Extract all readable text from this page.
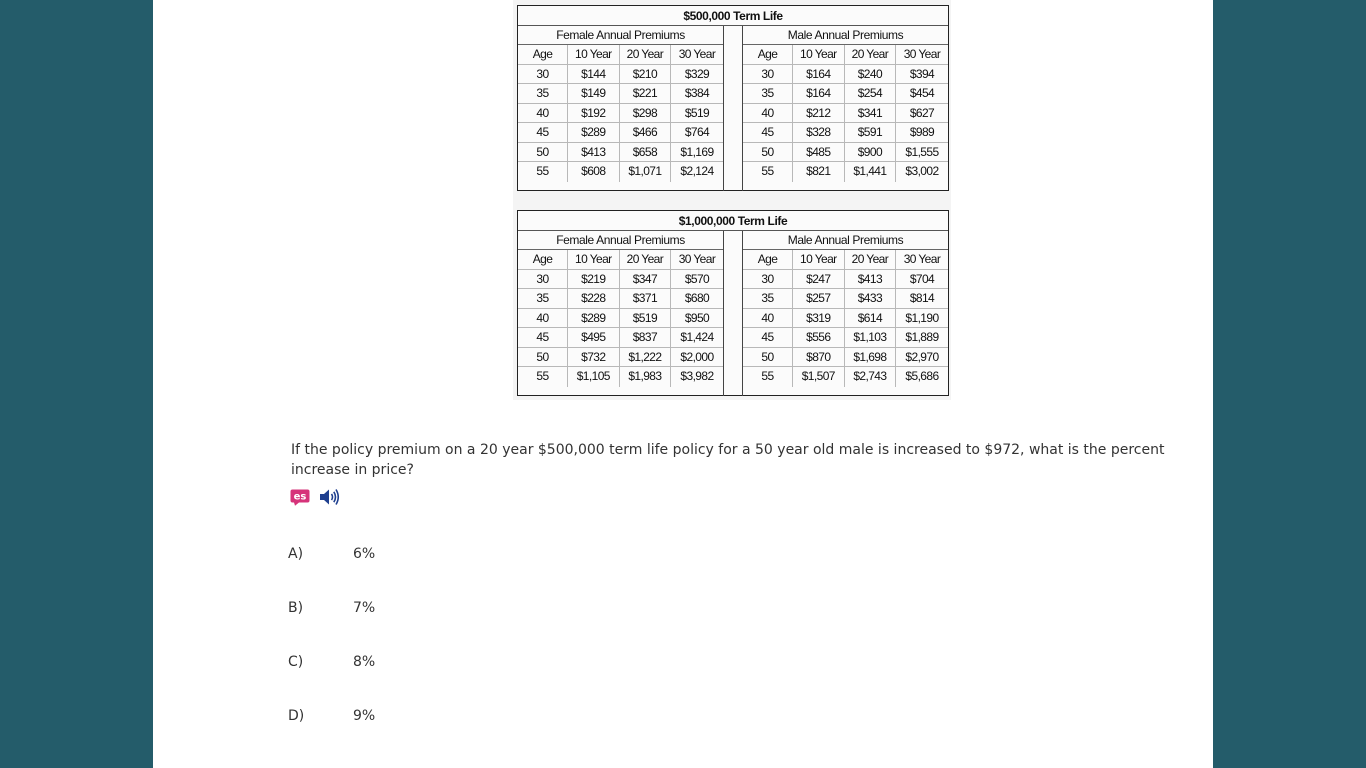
$500,000 Term Life
Female Annual Premiums
Age	10 Year	20 Year	30 Year
30	$144	$210	$329
35	$149	$221	$384
40	$192	$298	$519
45	$289	$466	$764
50	$413	$658	$1,169
55	$608	$1,071	$2,124
Male Annual Premiums
Age	10 Year	20 Year	30 Year
30	$164	$240	$394
35	$164	$254	$454
40	$212	$341	$627
45	$328	$591	$989
50	$485	$900	$1,555
55	$821	$1,441	$3,002
$1,000,000 Term Life
Female Annual Premiums
Age	10 Year	20 Year	30 Year
30	$219	$347	$570
35	$228	$371	$680
40	$289	$519	$950
45	$495	$837	$1,424
50	$732	$1,222	$2,000
55	$1,105	$1,983	$3,982
Male Annual Premiums
Age	10 Year	20 Year	30 Year
30	$247	$413	$704
35	$257	$433	$814
40	$319	$614	$1,190
45	$556	$1,103	$1,889
50	$870	$1,698	$2,970
55	$1,507	$2,743	$5,686
If the policy premium on a 20 year $500,000 term life policy for a 50 year old male is increased to $972, what is the percent increase in price?
es
A)	6%
B)	7%
C)	8%
D)	9%
